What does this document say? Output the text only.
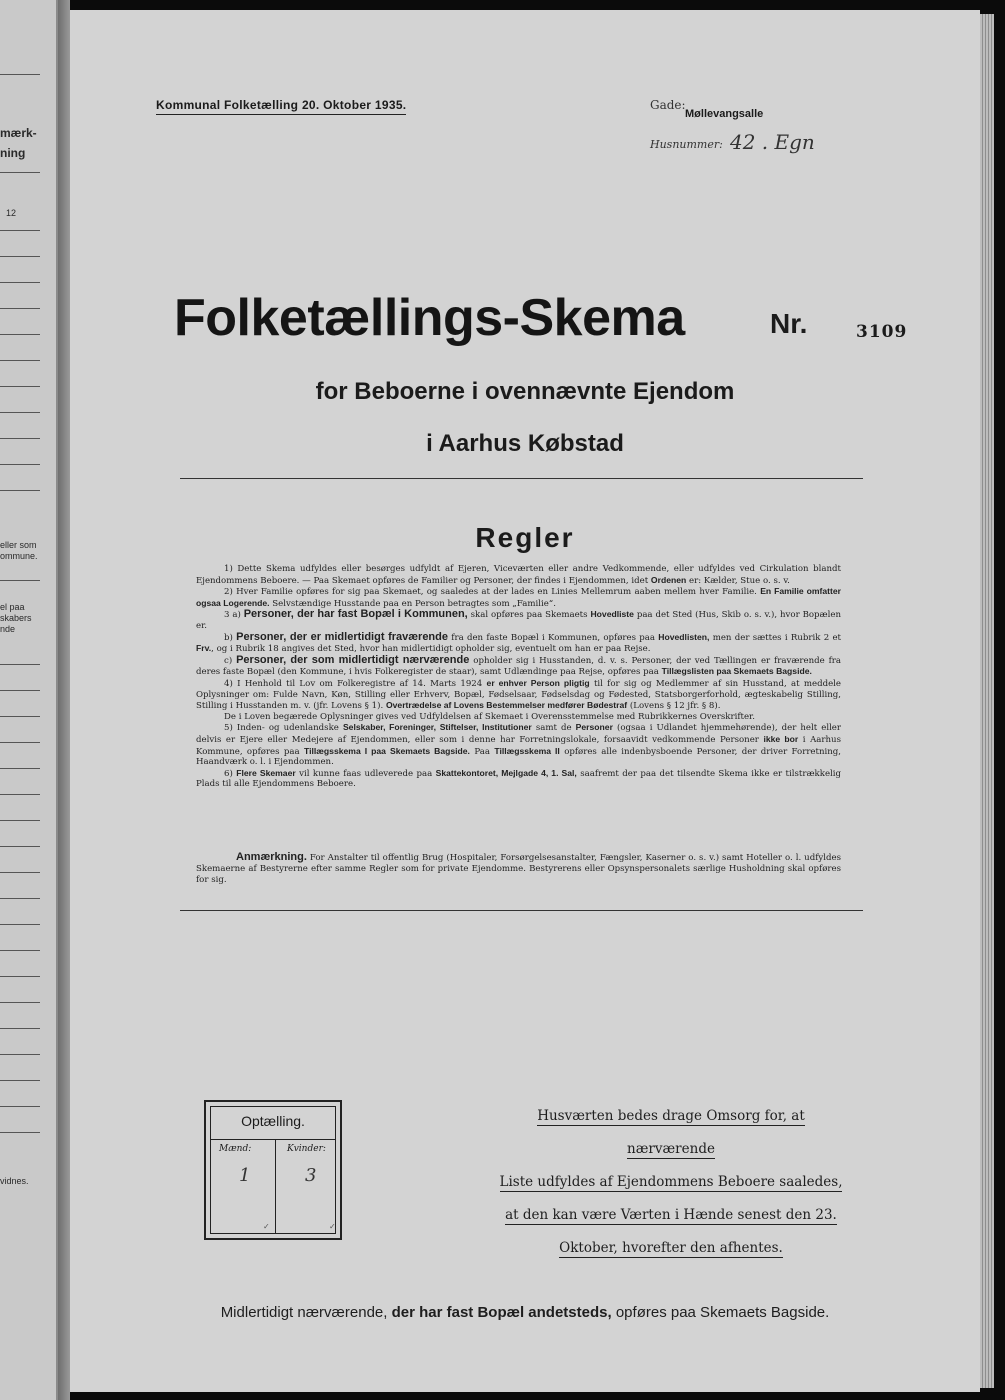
mærk-
ning
12
eller som
ommune.
el paa
skabers
nde
vidnes.
Kommunal Folketælling 20. Oktober 1935.	Gade:
Møllevangsalle
Husnummer: 42 . Egn
Folketællings-Skema	Nr.	3109
for Beboerne i ovennævnte Ejendom
i Aarhus Købstad
Regler

1) Dette Skema udfyldes eller besørges udfyldt af Ejeren, Viceværten eller andre Vedkommende, eller udfyldes ved Cirkulation blandt Ejendommens Beboere. — Paa Skemaet opføres de Familier og Personer, der findes i Ejendommen, idet Ordenen er: Kælder, Stue o. s. v.

2) Hver Familie opføres for sig paa Skemaet, og saaledes at der lades en Linies Mellemrum aaben mellem hver Familie. En Familie omfatter ogsaa Logerende. Selvstændige Husstande paa en Person betragtes som „Familie“.

3 a) Personer, der har fast Bopæl i Kommunen, skal opføres paa Skemaets Hovedliste paa det Sted (Hus, Skib o. s. v.), hvor Bopælen er.

b) Personer, der er midlertidigt fraværende fra den faste Bopæl i Kommunen, opføres paa Hovedlisten, men der sættes i Rubrik 2 et Frv., og i Rubrik 18 angives det Sted, hvor han midlertidigt opholder sig, eventuelt om han er paa Rejse.

c) Personer, der som midlertidigt nærværende opholder sig i Husstanden, d. v. s. Personer, der ved Tællingen er fraværende fra deres faste Bopæl (den Kommune, i hvis Folkeregister de staar), samt Udlændinge paa Rejse, opføres paa Tillægslisten paa Skemaets Bagside.

4) I Henhold til Lov om Folkeregistre af 14. Marts 1924 er enhver Person pligtig til for sig og Medlemmer af sin Husstand, at meddele Oplysninger om: Fulde Navn, Køn, Stilling eller Erhverv, Bopæl, Fødselsaar, Fødselsdag og Fødested, Statsborgerforhold, ægteskabelig Stilling, Stilling i Husstanden m. v. (jfr. Lovens § 1). Overtrædelse af Lovens Bestemmelser medfører Bødestraf (Lovens § 12 jfr. § 8).

De i Loven begærede Oplysninger gives ved Udfyldelsen af Skemaet i Overensstemmelse med Rubrikkernes Overskrifter.

5) Inden- og udenlandske Selskaber, Foreninger, Stiftelser, Institutioner samt de Personer (ogsaa i Udlandet hjemmehørende), der helt eller delvis er Ejere eller Medejere af Ejendommen, eller som i denne har Forretningslokale, forsaavidt vedkommende Personer ikke bor i Aarhus Kommune, opføres paa Tillægsskema I paa Skemaets Bagside. Paa Tillægsskema II opføres alle indenbysboende Personer, der driver Forretning, Haandværk o. l. i Ejendommen.

6) Flere Skemaer vil kunne faas udleverede paa Skattekontoret, Mejlgade 4, 1. Sal, saafremt der paa det tilsendte Skema ikke er tilstrækkelig Plads til alle Ejendommens Beboere.

Anmærkning. For Anstalter til offentlig Brug (Hospitaler, Forsørgelsesanstalter, Fængsler, Kaserner o. s. v.) samt Hoteller o. l. udfyldes Skemaerne af Bestyrerne efter samme Regler som for private Ejendomme. Bestyrerens eller Opsynspersonalets særlige Husholdning skal opføres for sig.

Optælling.
Mænd:	Kvinder:
1	3
✓	✓
Husværten bedes drage Omsorg for, at nærværende
Liste udfyldes af Ejendommens Beboere saaledes,
at den kan være Værten i Hænde senest den 23.
Oktober, hvorefter den afhentes.
Midlertidigt nærværende, der har fast Bopæl andetsteds, opføres paa Skemaets Bagside.
